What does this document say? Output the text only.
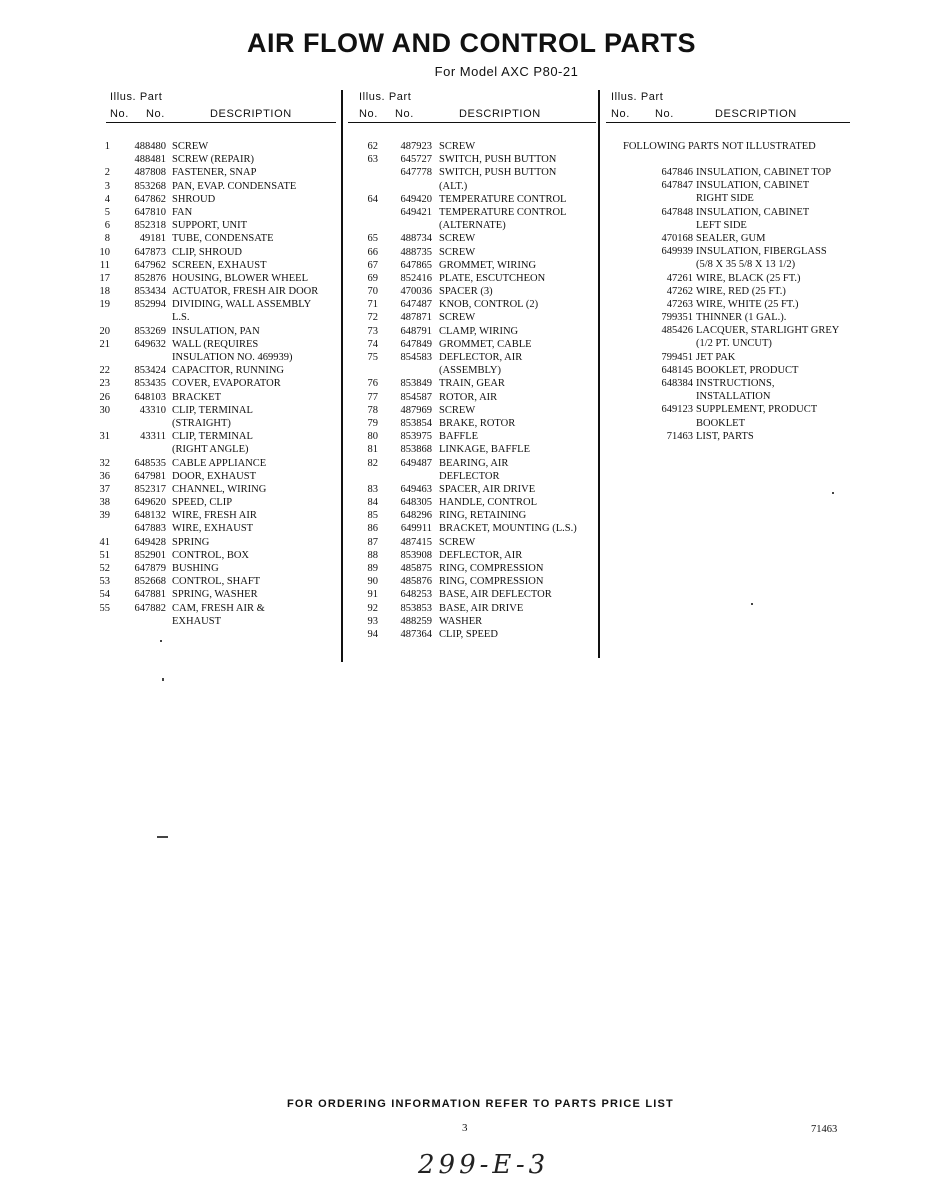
AIR FLOW AND CONTROL PARTS
For Model AXC P80-21
Illus. Part
No. No.	DESCRIPTION
Illus. Part
No. No.	DESCRIPTION
Illus. Part
No. No.	DESCRIPTION
1	488480 SCREW
488481 SCREW (REPAIR)
2	487808 FASTENER, SNAP
3	853268 PAN, EVAP. CONDENSATE
4	647862 SHROUD
5	647810 FAN
6	852318 SUPPORT, UNIT
8	49181 TUBE, CONDENSATE
10	647873 CLIP, SHROUD
11	647962 SCREEN, EXHAUST
17	852876 HOUSING, BLOWER WHEEL
18	853434 ACTUATOR, FRESH AIR DOOR
19	852994 DIVIDING, WALL ASSEMBLY
L.S.
20	853269 INSULATION, PAN
21	649632 WALL (REQUIRES
INSULATION NO. 469939)
22	853424 CAPACITOR, RUNNING
23	853435 COVER, EVAPORATOR
26	648103 BRACKET
30	43310 CLIP, TERMINAL
(STRAIGHT)
31	43311 CLIP, TERMINAL
(RIGHT ANGLE)
32	648535 CABLE APPLIANCE
36	647981 DOOR, EXHAUST
37	852317 CHANNEL, WIRING
38	649620 SPEED, CLIP
39	648132 WIRE, FRESH AIR
647883 WIRE, EXHAUST
41	649428 SPRING
51	852901 CONTROL, BOX
52	647879 BUSHING
53	852668 CONTROL, SHAFT
54	647881 SPRING, WASHER
55	647882 CAM, FRESH AIR &
EXHAUST
62	487923 SCREW
63	645727 SWITCH, PUSH BUTTON
647778 SWITCH, PUSH BUTTON
(ALT.)
64	649420 TEMPERATURE CONTROL
649421 TEMPERATURE CONTROL
(ALTERNATE)
65	488734 SCREW
66	488735 SCREW
67	647865 GROMMET, WIRING
69	852416 PLATE, ESCUTCHEON
70	470036 SPACER (3)
71	647487 KNOB, CONTROL (2)
72	487871 SCREW
73	648791 CLAMP, WIRING
74	647849 GROMMET, CABLE
75	854583 DEFLECTOR, AIR
(ASSEMBLY)
76	853849 TRAIN, GEAR
77	854587 ROTOR, AIR
78	487969 SCREW
79	853854 BRAKE, ROTOR
80	853975 BAFFLE
81	853868 LINKAGE, BAFFLE
82	649487 BEARING, AIR
DEFLECTOR
83	649463 SPACER, AIR DRIVE
84	648305 HANDLE, CONTROL
85	648296 RING, RETAINING
86	649911 BRACKET, MOUNTING (L.S.)
87	487415 SCREW
88	853908 DEFLECTOR, AIR
89	485875 RING, COMPRESSION
90	485876 RING, COMPRESSION
91	648253 BASE, AIR DEFLECTOR
92	853853 BASE, AIR DRIVE
93	488259 WASHER
94	487364 CLIP, SPEED
FOLLOWING PARTS NOT ILLUSTRATED
647846 INSULATION, CABINET TOP
647847 INSULATION, CABINET
RIGHT SIDE
647848 INSULATION, CABINET
LEFT SIDE
470168 SEALER, GUM
649939 INSULATION, FIBERGLASS
(5/8 X 35 5/8 X 13 1/2)
47261 WIRE, BLACK (25 FT.)
47262 WIRE, RED (25 FT.)
47263 WIRE, WHITE (25 FT.)
799351 THINNER (1 GAL.).
485426 LACQUER, STARLIGHT GREY
(1/2 PT. UNCUT)
799451 JET PAK
648145 BOOKLET, PRODUCT
648384 INSTRUCTIONS,
INSTALLATION
649123 SUPPLEMENT, PRODUCT
BOOKLET
71463 LIST, PARTS
FOR ORDERING INFORMATION REFER TO PARTS PRICE LIST
3	71463
299-E-3
